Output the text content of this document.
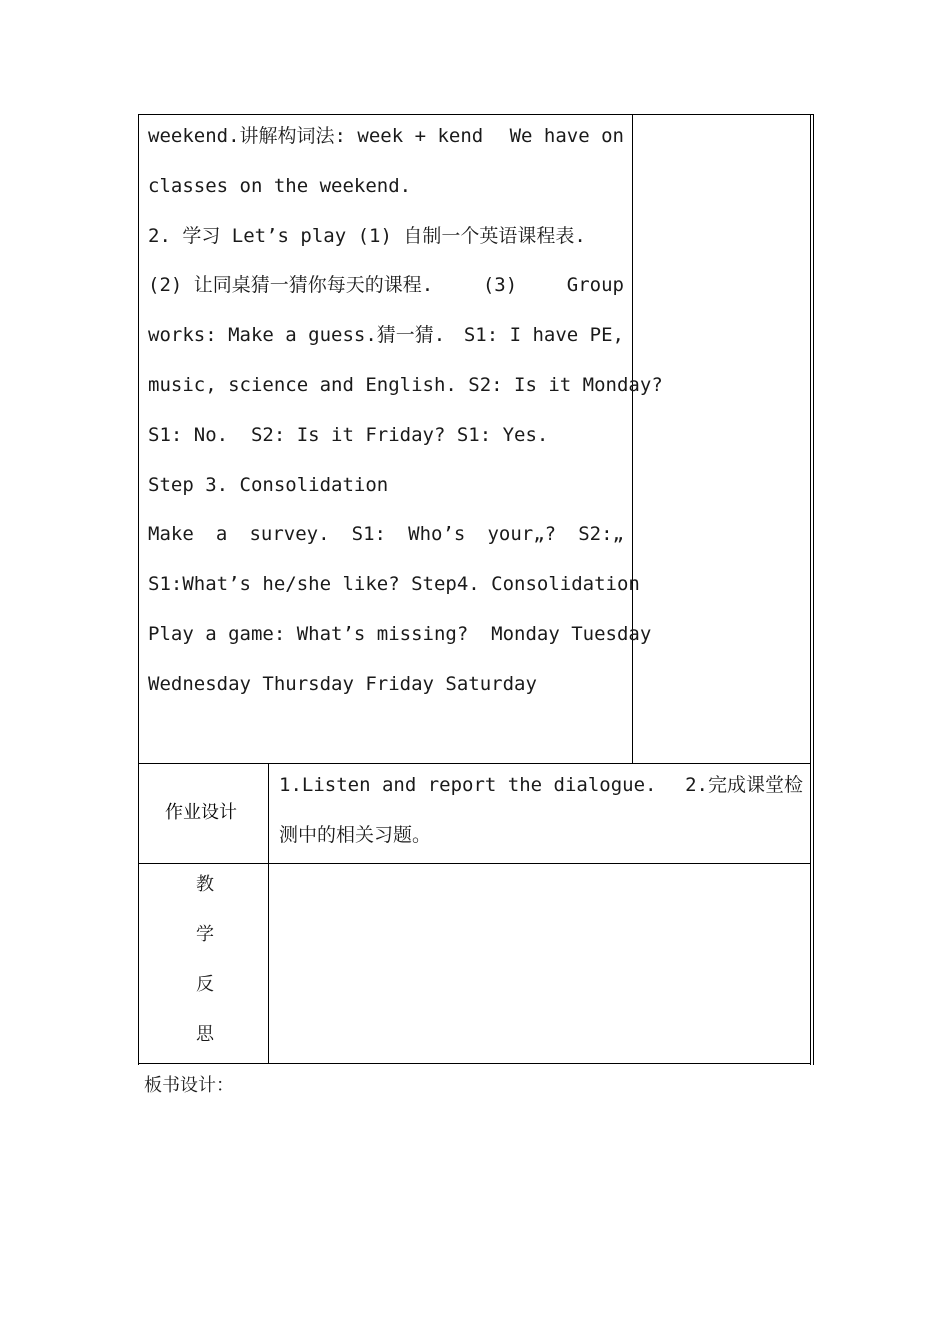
weekend.讲解构词法: week + kend We have on

classes on the weekend.

2. 学习 Let’s play (1) 自制一个英语课程表.

(2) 让同桌猜一猜你每天的课程.	(3)	Group

works: Make a guess.猜一猜. S1: I have PE,

music, science and English. S2: Is it Monday?

S1: No.  S2: Is it Friday? S1: Yes.

Step 3. Consolidation

Make a survey. S1: Who’s your„? S2:„

S1:What’s he/she like? Step4. Consolidation

Play a game: What’s missing?  Monday Tuesday

Wednesday Thursday Friday Saturday

作业设计

1.Listen and report the dialogue. 2.完成课堂检

测中的相关习题。

教
学
反
思
板书设计：
